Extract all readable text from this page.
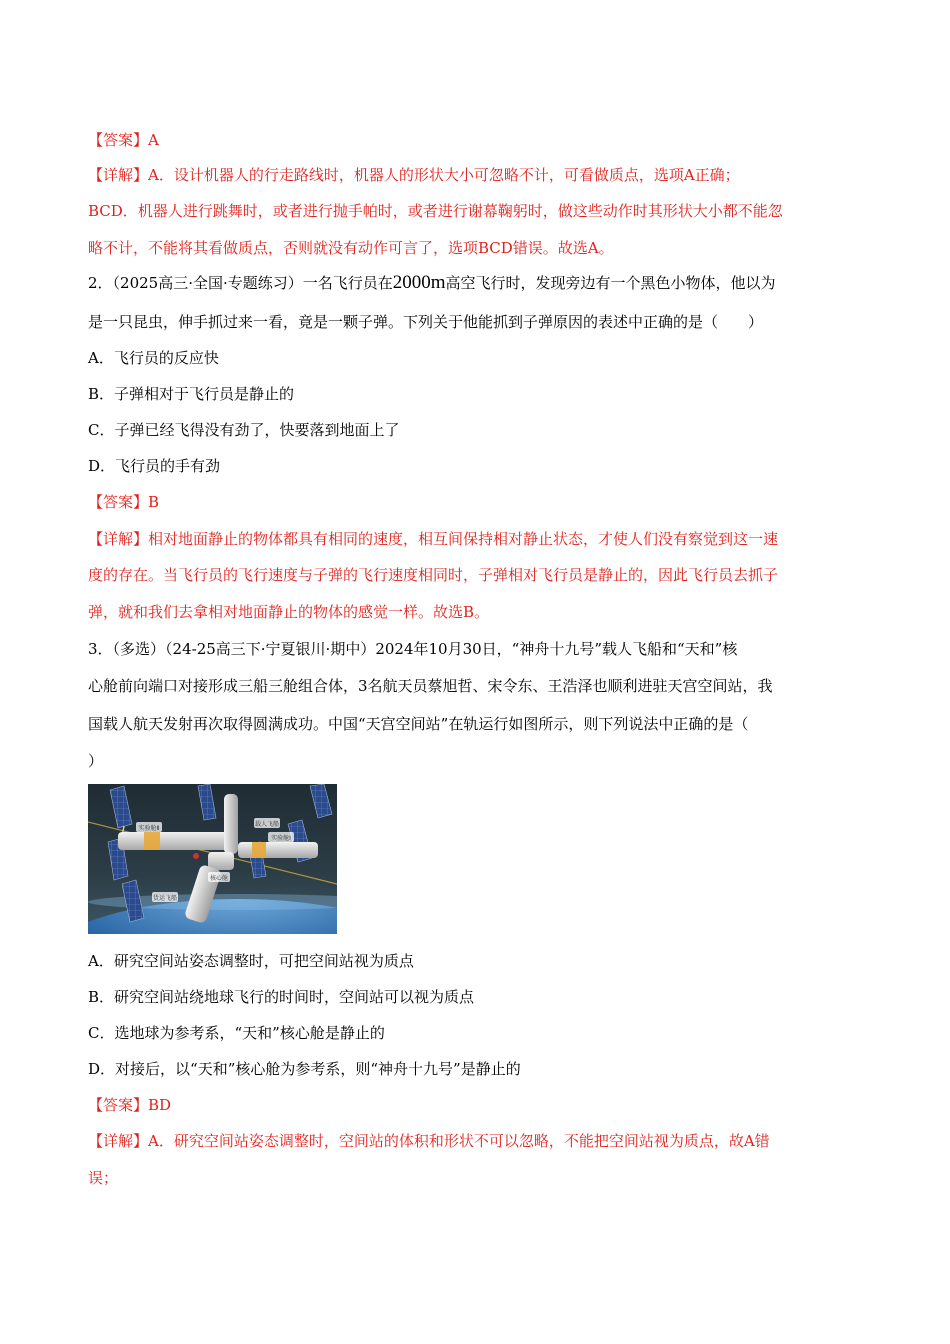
【答案】A

【详解】A．设计机器人的行走路线时，机器人的形状大小可忽略不计，可看做质点，选项A正确；

BCD．机器人进行跳舞时，或者进行抛手帕时，或者进行谢幕鞠躬时，做这些动作时其形状大小都不能忽

略不计，不能将其看做质点，否则就没有动作可言了，选项BCD错误。故选A。

2．（2025高三·全国·专题练习）一名飞行员在2000m高空飞行时，发现旁边有一个黑色小物体，他以为

是一只昆虫，伸手抓过来一看，竟是一颗子弹。下列关于他能抓到子弹原因的表述中正确的是（　　）

A．飞行员的反应快

B．子弹相对于飞行员是静止的

C．子弹已经飞得没有劲了，快要落到地面上了

D．飞行员的手有劲

【答案】B

【详解】相对地面静止的物体都具有相同的速度，相互间保持相对静止状态，才使人们没有察觉到这一速

度的存在。当飞行员的飞行速度与子弹的飞行速度相同时，子弹相对飞行员是静止的，因此飞行员去抓子

弹，就和我们去拿相对地面静止的物体的感觉一样。故选B。

3．（多选）（24-25高三下·宁夏银川·期中）2024年10月30日，“神舟十九号”载人飞船和“天和”核

心舱前向端口对接形成三船三舱组合体，3名航天员蔡旭哲、宋令东、王浩泽也顺利进驻天宫空间站，我

国载人航天发射再次取得圆满成功。中国“天宫空间站”在轨运行如图所示，则下列说法中正确的是（

）

实验舱Ⅱ
载人飞船
实验舱Ⅰ
核心舱
货运飞船

A．研究空间站姿态调整时，可把空间站视为质点

B．研究空间站绕地球飞行的时间时，空间站可以视为质点

C．选地球为参考系，“天和”核心舱是静止的

D．对接后，以“天和”核心舱为参考系，则“神舟十九号”是静止的

【答案】BD

【详解】A．研究空间站姿态调整时，空间站的体积和形状不可以忽略，不能把空间站视为质点，故A错

误；
